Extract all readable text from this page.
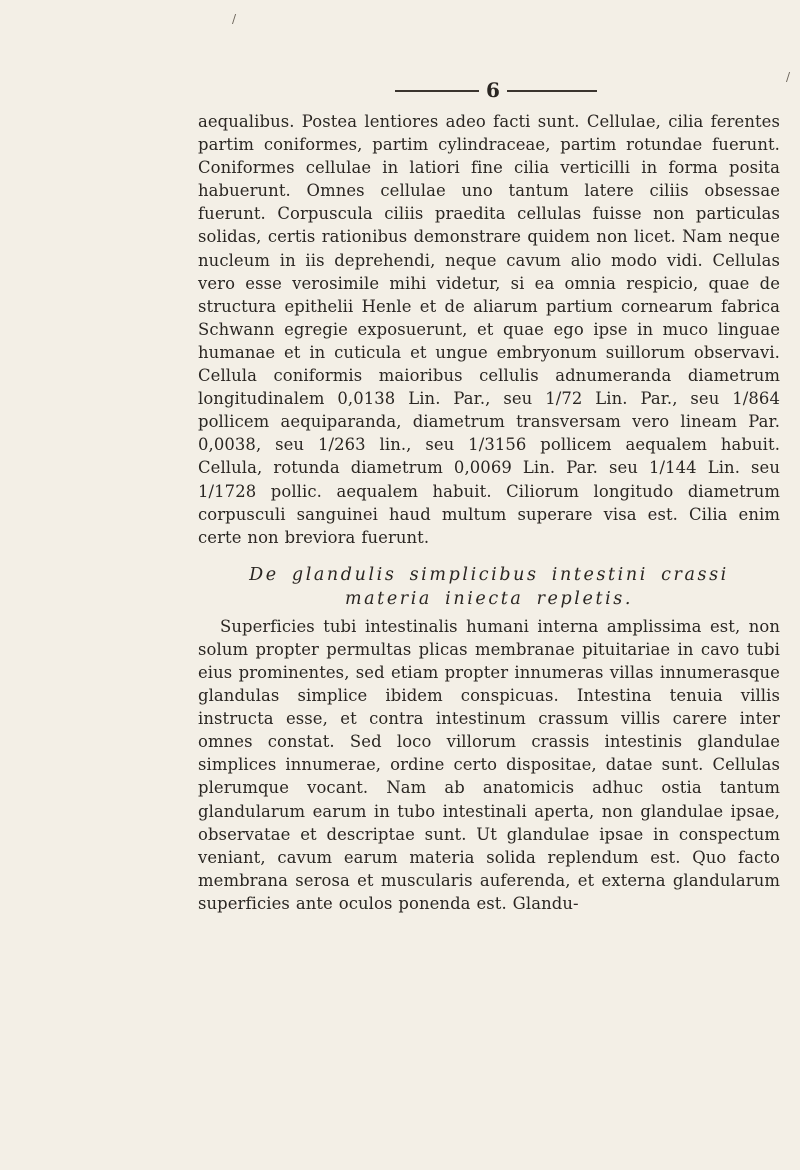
/
/
6

aequalibus. Postea lentiores adeo facti sunt. Cellulae, cilia ferentes partim coniformes, partim cylindraceae, partim rotundae fuerunt. Coniformes cellulae in latiori fine cilia verticilli in forma posita habuerunt. Omnes cellulae uno tantum latere ciliis obsessae fuerunt. Corpuscula ciliis praedita cellulas fuisse non particulas solidas, certis rationibus demonstrare quidem non licet. Nam neque nucleum in iis deprehendi, neque cavum alio modo vidi. Cellulas vero esse verosimile mihi videtur, si ea omnia respicio, quae de structura epithelii Henle et de aliarum partium cornearum fabrica Schwann egregie exposuerunt, et quae ego ipse in muco linguae humanae et in cuticula et ungue embryonum suillorum observavi. Cellula coniformis maioribus cellulis adnumeranda diametrum longitudinalem 0,0138 Lin. Par., seu 1/72 Lin. Par., seu 1/864 pollicem aequiparanda, diametrum transversam vero lineam Par. 0,0038, seu 1/263 lin., seu 1/3156 pollicem aequalem habuit. Cellula, rotunda diametrum 0,0069 Lin. Par. seu 1/144 Lin. seu 1/1728 pollic. aequalem habuit. Ciliorum longitudo diametrum corpusculi sanguinei haud multum superare visa est. Cilia enim certe non breviora fuerunt.

De glandulis simplicibus intestini crassi materia iniecta repletis.

Superficies tubi intestinalis humani interna amplissima est, non solum propter permultas plicas membranae pituitariae in cavo tubi eius prominentes, sed etiam propter innumeras villas innumerasque glandulas simplice ibidem conspicuas. Intestina tenuia villis instructa esse, et contra intestinum crassum villis carere inter omnes constat. Sed loco villorum crassis intestinis glandulae simplices innumerae, ordine certo dispositae, datae sunt. Cellulas plerumque vocant. Nam ab anatomicis adhuc ostia tantum glandularum earum in tubo intestinali aperta, non glandulae ipsae, observatae et descriptae sunt. Ut glandulae ipsae in conspectum veniant, cavum earum materia solida replendum est. Quo facto membrana serosa et muscularis auferenda, et externa glandularum superficies ante oculos ponenda est. Glandu-
